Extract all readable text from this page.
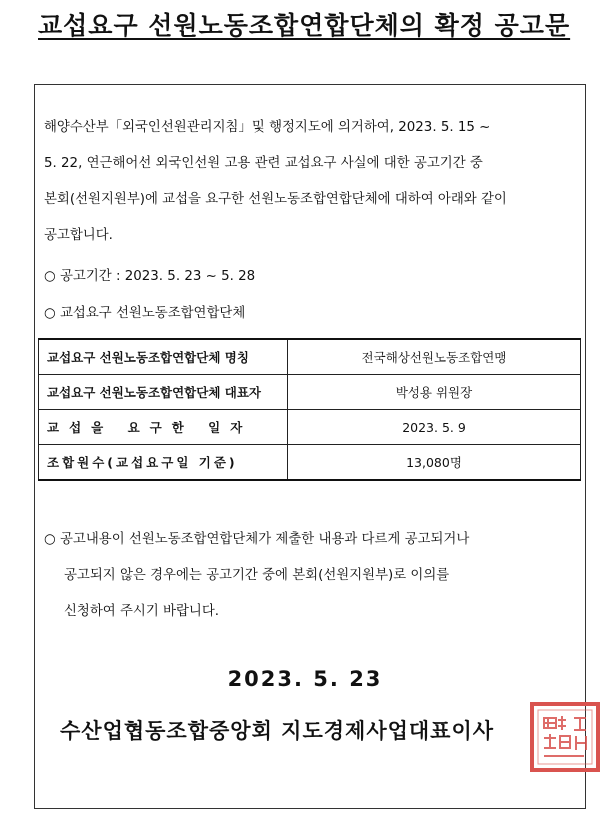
교섭요구 선원노동조합연합단체의 확정 공고문
해양수산부「외국인선원관리지침」및 행정지도에 의거하여, 2023. 5. 15 ~
5. 22, 연근해어선 외국인선원 고용 관련 교섭요구 사실에 대한 공고기간 중
본회(선원지원부)에 교섭을 요구한 선원노동조합연합단체에 대하여 아래와 같이
공고합니다.
○ 공고기간 : 2023. 5. 23 ~ 5. 28
○ 교섭요구 선원노동조합연합단체
교섭요구 선원노동조합연합단체 명칭	전국해상선원노동조합연맹
교섭요구 선원노동조합연합단체 대표자	박성용 위원장
교섭을 요구한 일자	2023. 5. 9
조합원수(교섭요구일 기준)	13,080명
○ 공고내용이 선원노동조합연합단체가 제출한 내용과 다르게 공고되거나
공고되지 않은 경우에는 공고기간 중에 본회(선원지원부)로 이의를
신청하여 주시기 바랍니다.
2023. 5. 23
수산업협동조합중앙회 지도경제사업대표이사
